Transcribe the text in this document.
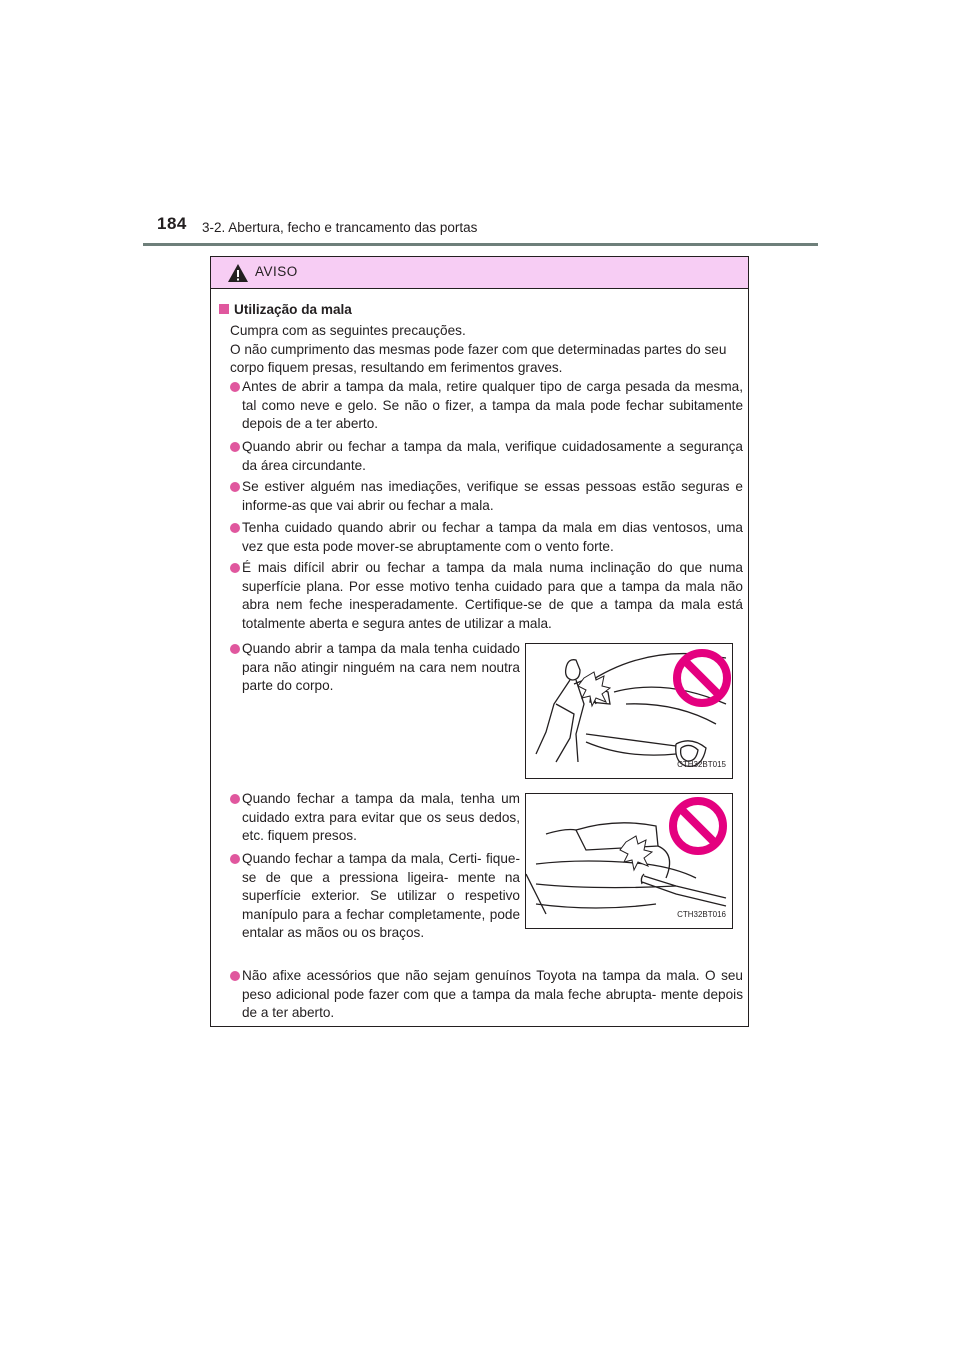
184 3-2. Abertura, fecho e trancamento das portas
AVISO
Utilização da mala

Cumpra com as seguintes precauções.

O não cumprimento das mesmas pode fazer com que determinadas partes do seu corpo fiquem presas, resultando em ferimentos graves.

Antes de abrir a tampa da mala, retire qualquer tipo de carga pesada da mesma, tal como neve e gelo. Se não o fizer, a tampa da mala pode fechar subitamente depois de a ter aberto.
Quando abrir ou fechar a tampa da mala, verifique cuidadosamente a segurança da área circundante.
Se estiver alguém nas imediações, verifique se essas pessoas estão seguras e informe-as que vai abrir ou fechar a mala.
Tenha cuidado quando abrir ou fechar a tampa da mala em dias ventosos, uma vez que esta pode mover-se abruptamente com o vento forte.
É mais difícil abrir ou fechar a tampa da mala numa inclinação do que numa superfície plana. Por esse motivo tenha cuidado para que a tampa da mala não abra nem feche inesperadamente. Certifique-se de que a tampa da mala está totalmente aberta e segura antes de utilizar a mala.
Quando abrir a tampa da mala tenha cuidado para não atingir ninguém na cara nem noutra parte do corpo.
CTH32BT015
Quando fechar a tampa da mala, tenha um cuidado extra para evitar que os seus dedos, etc. fiquem presos.
CTH32BT016
Quando fechar a tampa da mala, Certi- fique-se de que a pressiona ligeira- mente na superfície exterior. Se utilizar o respetivo manípulo para a fechar completamente, pode entalar as mãos ou os braços.
Não afixe acessórios que não sejam genuínos Toyota na tampa da mala. O seu peso adicional pode fazer com que a tampa da mala feche abrupta- mente depois de a ter aberto.
